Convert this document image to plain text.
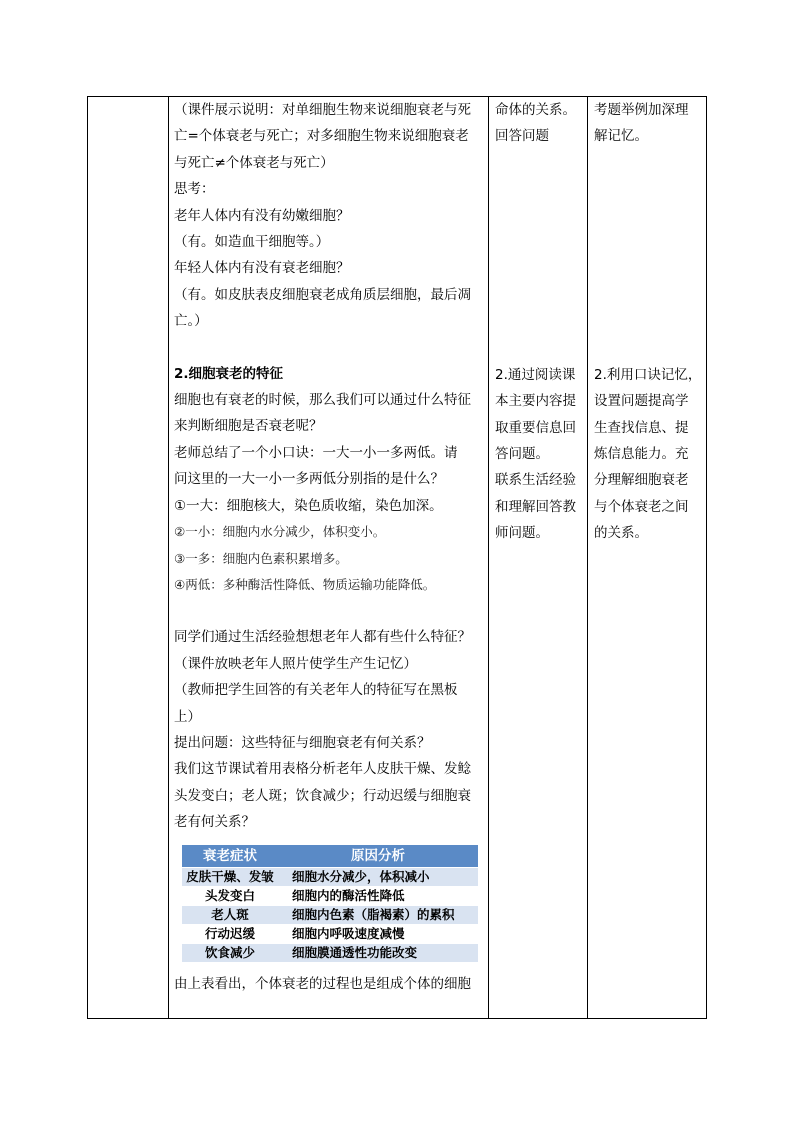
（课件展示说明：对单细胞生物来说细胞衰老与死

亡=个体衰老与死亡；对多细胞生物来说细胞衰老

与死亡≠个体衰老与死亡）

思考：

老年人体内有没有幼嫩细胞？

（有。如造血干细胞等。）

年轻人体内有没有衰老细胞？

（有。如皮肤表皮细胞衰老成角质层细胞，最后凋

亡。）

2.细胞衰老的特征

细胞也有衰老的时候，那么我们可以通过什么特征

来判断细胞是否衰老呢？

老师总结了一个小口诀：一大一小一多两低。请

问这里的一大一小一多两低分别指的是什么？

①一大：细胞核大，染色质收缩，染色加深。

②一小：细胞内水分减少，体积变小。

③一多：细胞内色素积累增多。

④两低：多种酶活性降低、物质运输功能降低。

同学们通过生活经验想想老年人都有些什么特征？

（课件放映老年人照片使学生产生记忆）

（教师把学生回答的有关老年人的特征写在黑板

上）

提出问题：这些特征与细胞衰老有何关系？

我们这节课试着用表格分析老年人皮肤干燥、发鲶

头发变白；老人斑；饮食减少；行动迟缓与细胞衰

老有何关系？

衰老症状	原因分析
皮肤干燥、发皱	细胞水分减少，体积减小
头发变白	细胞内的酶活性降低
老人斑	细胞内色素（脂褐素）的累积
行动迟缓	细胞内呼吸速度减慢
饮食减少	细胞膜通透性功能改变

由上表看出，个体衰老的过程也是组成个体的细胞

命体的关系。

回答问题

2.通过阅读课

本主要内容提

取重要信息回

答问题。

联系生活经验

和理解回答教

师问题。

考题举例加深理

解记忆。

2.利用口诀记忆，

设置问题提高学

生查找信息、提

炼信息能力。充

分理解细胞衰老

与个体衰老之间

的关系。
